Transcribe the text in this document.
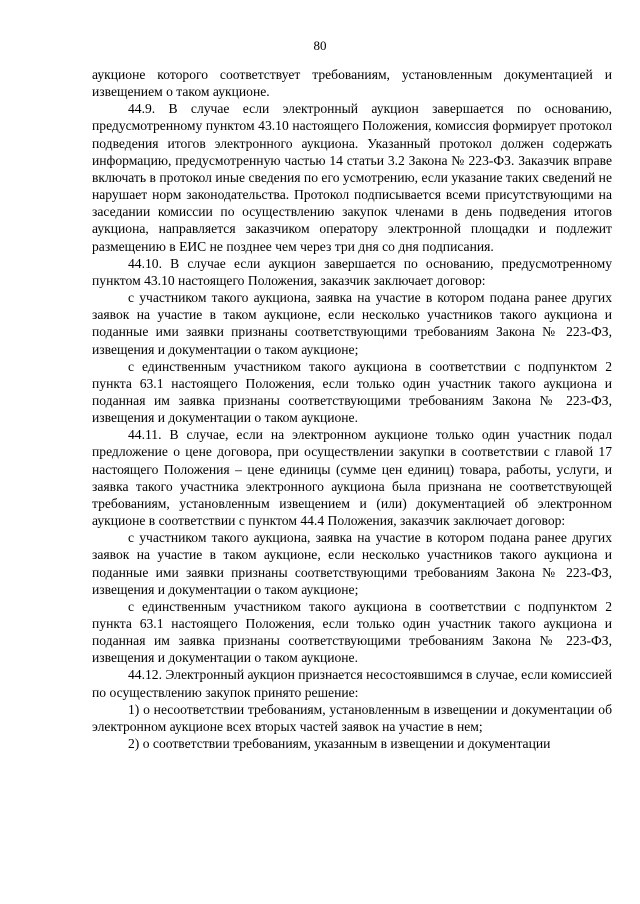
80

аукционе которого соответствует требованиям, установленным документацией и извещением о таком аукционе.

44.9. В случае если электронный аукцион завершается по основанию, предусмотренному пунктом 43.10 настоящего Положения, комиссия формирует протокол подведения итогов электронного аукциона. Указанный протокол должен содержать информацию, предусмотренную частью 14 статьи 3.2 Закона № 223-ФЗ. Заказчик вправе включать в протокол иные сведения по его усмотрению, если указание таких сведений не нарушает норм законодательства. Протокол подписывается всеми присутствующими на заседании комиссии по осуществлению закупок членами в день подведения итогов аукциона, направляется заказчиком оператору электронной площадки и подлежит размещению в ЕИС не позднее чем через три дня со дня подписания.

44.10. В случае если аукцион завершается по основанию, предусмотренному пунктом 43.10 настоящего Положения, заказчик заключает договор:

с участником такого аукциона, заявка на участие в котором подана ранее других заявок на участие в таком аукционе, если несколько участников такого аукциона и поданные ими заявки признаны соответствующими требованиям Закона № 223-ФЗ, извещения и документации о таком аукционе;

с единственным участником такого аукциона в соответствии с подпунктом 2 пункта 63.1 настоящего Положения, если только один участник такого аукциона и поданная им заявка признаны соответствующими требованиям Закона № 223-ФЗ, извещения и документации о таком аукционе.

44.11. В случае, если на электронном аукционе только один участник подал предложение о цене договора, при осуществлении закупки в соответствии с главой 17 настоящего Положения – цене единицы (сумме цен единиц) товара, работы, услуги, и заявка такого участника электронного аукциона была признана не соответствующей требованиям, установленным извещением и (или) документацией об электронном аукционе в соответствии с пунктом 44.4 Положения, заказчик заключает договор:

с участником такого аукциона, заявка на участие в котором подана ранее других заявок на участие в таком аукционе, если несколько участников такого аукциона и поданные ими заявки признаны соответствующими требованиям Закона № 223-ФЗ, извещения и документации о таком аукционе;

с единственным участником такого аукциона в соответствии с подпунктом 2 пункта 63.1 настоящего Положения, если только один участник такого аукциона и поданная им заявка признаны соответствующими требованиям Закона № 223-ФЗ, извещения и документации о таком аукционе.

44.12. Электронный аукцион признается несостоявшимся в случае, если комиссией по осуществлению закупок принято решение:

1) о несоответствии требованиям, установленным в извещении и документации об электронном аукционе всех вторых частей заявок на участие в нем;

2) о соответствии требованиям, указанным в извещении и документации
